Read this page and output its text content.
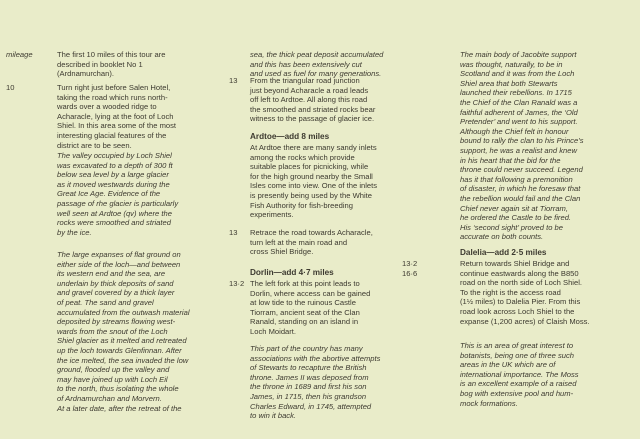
mileage	The first 10 miles of this tour are
described in booklet No 1
(Ardnamurchan).
10	Turn right just before Salen Hotel,
taking the road which runs north-
wards over a wooded ridge to
Acharacle, lying at the foot of Loch
Shiel. In this area some of the most
interesting glacial features of the
district are to be seen.
The valley occupied by Loch Shiel
was excavated to a depth of 300 ft
below sea level by a large glacier
as it moved westwards during the
Great Ice Age. Evidence of the
passage of rhe glacier is particularly
well seen at Ardtoe (qv) where the
rocks were smoothed and striated
by the ice.
The large expanses of flat ground on
either side of the loch—and between
its western end and the sea, are
underlain by thick deposits of sand
and gravel covered by a thick layer
of peat. The sand and gravel
accumulated from the outwash material
deposited by streams flowing west-
wards from the snout of the Loch
Shiel glacier as it melted and retreated
up the loch towards Glenfinnan. After
the ice melted, the sea invaded the low
ground, flooded up the valley and
may have joined up with Loch Eil
to the north, thus isolating the whole
of Ardnamurchan and Morvern.
At a later date, after the retreat of the
sea, the thick peat deposit accumulated
and this has been extensively cut
and used as fuel for many generations.
13 From the triangular road junction
just beyond Acharacle a road leads
off left to Ardtoe. All along this road
the smoothed and striated rocks bear
witness to the passage of glacier ice.
Ardtoe—add 8 miles
At Ardtoe there are many sandy inlets
among the rocks which provide
suitable places for picnicking, while
for the high ground nearby the Small
Isles come into view. One of the inlets
is presently being used by the White
Fish Authority for fish-breeding
experiments.
13 Retrace the road towards Acharacle,
turn left at the main road and
cross Shiel Bridge.
Dorlin—add 4·7 miles
13·2 The left fork at this point leads to
Dorlin, where access can be gained
at low tide to the ruinous Castle
Tiorram, ancient seat of the Clan
Ranald, standing on an island in
Loch Moidart.
This part of the country has many
associations with the abortive attempts
of Stewarts to recapture the British
throne. James II was deposed from
the throne in 1689 and first his son
James, in 1715, then his grandson
Charles Edward, in 1745, attempted
to win it back.
The main body of Jacobite support
was thought, naturally, to be in
Scotland and it was from the Loch
Shiel area that both Stewarts
launched their rebellions. In 1715
the Chief of the Clan Ranald was a
faithful adherent of James, the ‘Old
Pretender’ and went to his support.
Although the Chief felt in honour
bound to rally the clan to his Prince’s
support, he was a realist and knew
in his heart that the bid for the
throne could never succeed. Legend
has it that following a premonition
of disaster, in which he foresaw that
the rebellion would fail and the Clan
Chief never again sit at Tiorram,
he ordered the Castle to be fired.
His ‘second sight’ proved to be
accurate on both counts.
Dalelia—add 2·5 miles
13·2
16·6
Return towards Shiel Bridge and
continue eastwards along the B850
road on the north side of Loch Shiel.
To the right is the access road
(1½ miles) to Dalelia Pier. From this
road look across Loch Shiel to the
expanse (1,200 acres) of Claish Moss.
This is an area of great interest to
botanists, being one of three such
areas in the UK which are of
international importance. The Moss
is an excellent example of a raised
bog with extensive pool and hum-
mock formations.
